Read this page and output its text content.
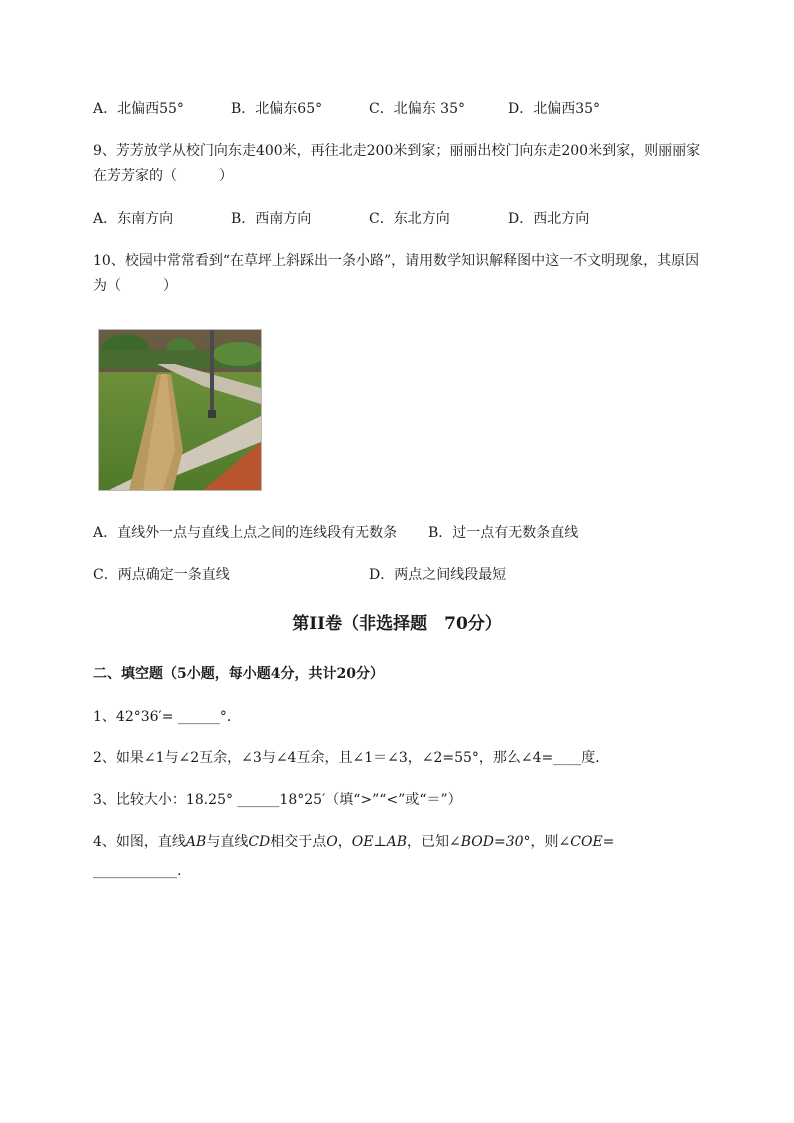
A．北偏西55°	B．北偏东65°	C．北偏东 35°	D．北偏西35°
9、芳芳放学从校门向东走400米，再往北走200米到家；丽丽出校门向东走200米到家，则丽丽家
在芳芳家的（　　　）
A．东南方向	B．西南方向	C．东北方向	D．西北方向
10、校园中常常看到“在草坪上斜踩出一条小路”，请用数学知识解释图中这一不文明现象，其原因
为（　　　）
A．直线外一点与直线上点之间的连线段有无数条 B．过一点有无数条直线
C．两点确定一条直线	D．两点之间线段最短
第II卷（非选择题　70分）
二、填空题（5小题，每小题4分，共计20分）
1、42°36′= ______°．
2、如果∠1与∠2互余，∠3与∠4互余，且∠1＝∠3，∠2=55°，那么∠4=____度．
3、比较大小：18.25° ______18°25′（填“>”“<”或“＝”）
4、如图，直线AB与直线CD相交于点O，OE⊥AB，已知∠BOD=30°，则∠COE=
____________.
